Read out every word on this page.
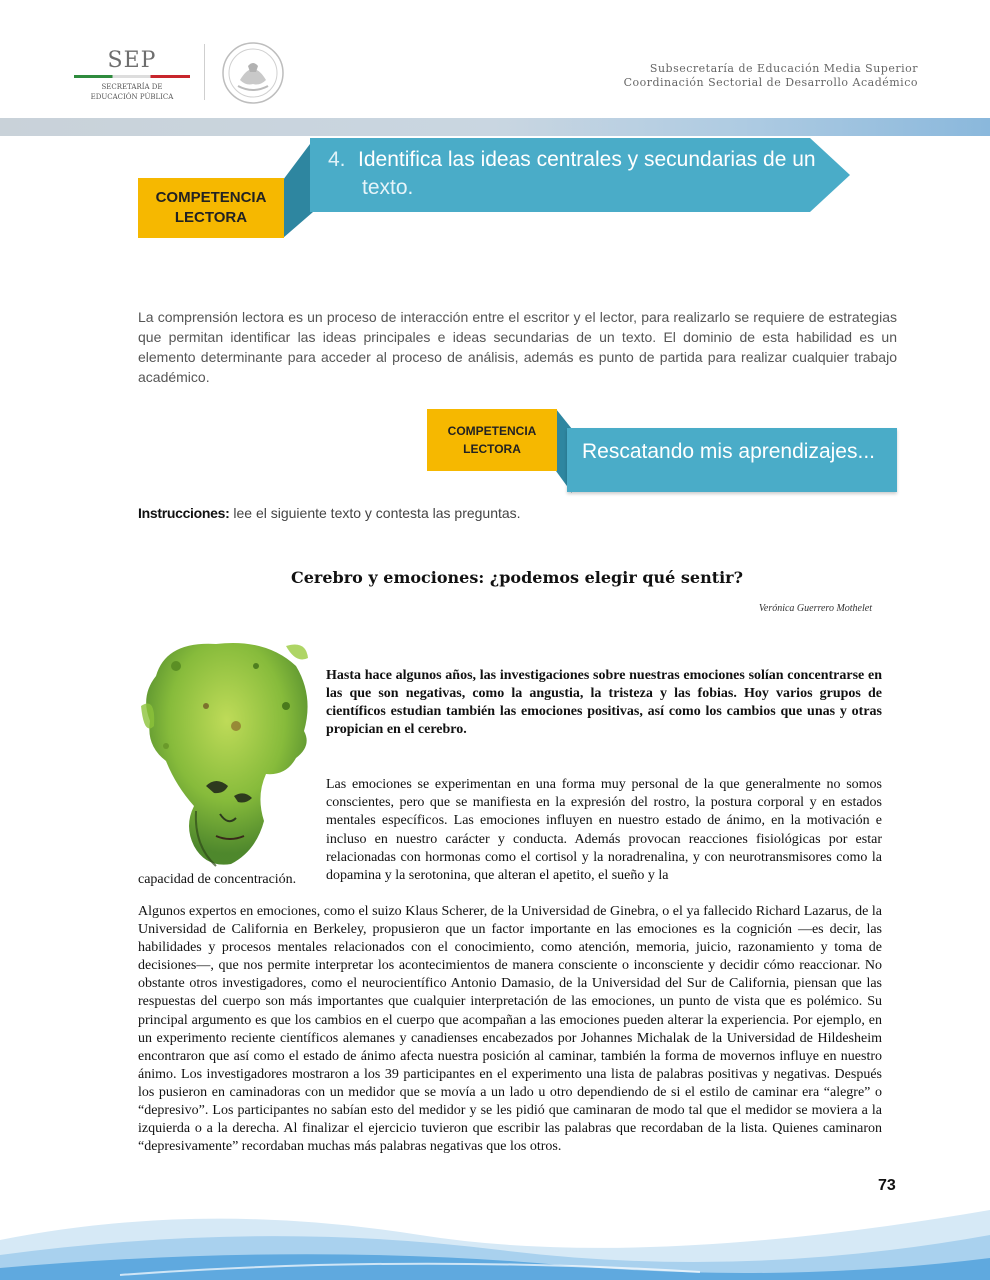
SEP
SECRETARÍA DE
EDUCACIÓN PÚBLICA
Subsecretaría de Educación Media Superior
Coordinación Sectorial de Desarrollo Académico
COMPETENCIA
LECTORA
4. Identifica las ideas centrales y secundarias de un
texto.

La comprensión lectora es un proceso de interacción entre el escritor y el lector, para realizarlo se requiere de estrategias que permitan identificar las ideas principales e ideas secundarias de un texto. El dominio de esta habilidad es un elemento determinante para acceder al proceso de análisis, además es punto de partida para realizar cualquier trabajo académico.

COMPETENCIA
LECTORA	Rescatando mis aprendizajes...
Instrucciones: lee el siguiente texto y contesta las preguntas.
Cerebro y emociones: ¿podemos elegir qué sentir?
Verónica Guerrero Mothelet

Hasta hace algunos años, las investigaciones sobre nuestras emociones solían concentrarse en las que son negativas, como la angustia, la tristeza y las fobias. Hoy varios grupos de científicos estudian también las emociones positivas, así como los cambios que unas y otras propician en el cerebro.

Las emociones se experimentan en una forma muy personal de la que generalmente no somos conscientes, pero que se manifiesta en la expresión del rostro, la postura corporal y en estados mentales específicos. Las emociones influyen en nuestro estado de ánimo, en la motivación e incluso en nuestro carácter y conducta. Además provocan reacciones fisiológicas por estar relacionadas con hormonas como el cortisol y la noradrenalina, y con neurotransmisores como la dopamina y la serotonina, que alteran el apetito, el sueño y la

capacidad de concentración.

Algunos expertos en emociones, como el suizo Klaus Scherer, de la Universidad de Ginebra, o el ya fallecido Richard Lazarus, de la Universidad de California en Berkeley, propusieron que un factor importante en las emociones es la cognición —es decir, las habilidades y procesos mentales relacionados con el conocimiento, como atención, memoria, juicio, razonamiento y toma de decisiones—, que nos permite interpretar los acontecimientos de manera consciente o inconsciente y decidir cómo reaccionar. No obstante otros investigadores, como el neurocientífico Antonio Damasio, de la Universidad del Sur de California, piensan que las respuestas del cuerpo son más importantes que cualquier interpretación de las emociones, un punto de vista que es polémico. Su principal argumento es que los cambios en el cuerpo que acompañan a las emociones pueden alterar la experiencia. Por ejemplo, en un experimento reciente científicos alemanes y canadienses encabezados por Johannes Michalak de la Universidad de Hildesheim encontraron que así como el estado de ánimo afecta nuestra posición al caminar, también la forma de movernos influye en nuestro ánimo. Los investigadores mostraron a los 39 participantes en el experimento una lista de palabras positivas y negativas. Después los pusieron en caminadoras con un medidor que se movía a un lado u otro dependiendo de si el estilo de caminar era “alegre” o “depresivo”. Los participantes no sabían esto del medidor y se les pidió que caminaran de modo tal que el medidor se moviera a la izquierda o a la derecha. Al finalizar el ejercicio tuvieron que escribir las palabras que recordaban de la lista. Quienes caminaron “depresivamente” recordaban muchas más palabras negativas que los otros.

73
